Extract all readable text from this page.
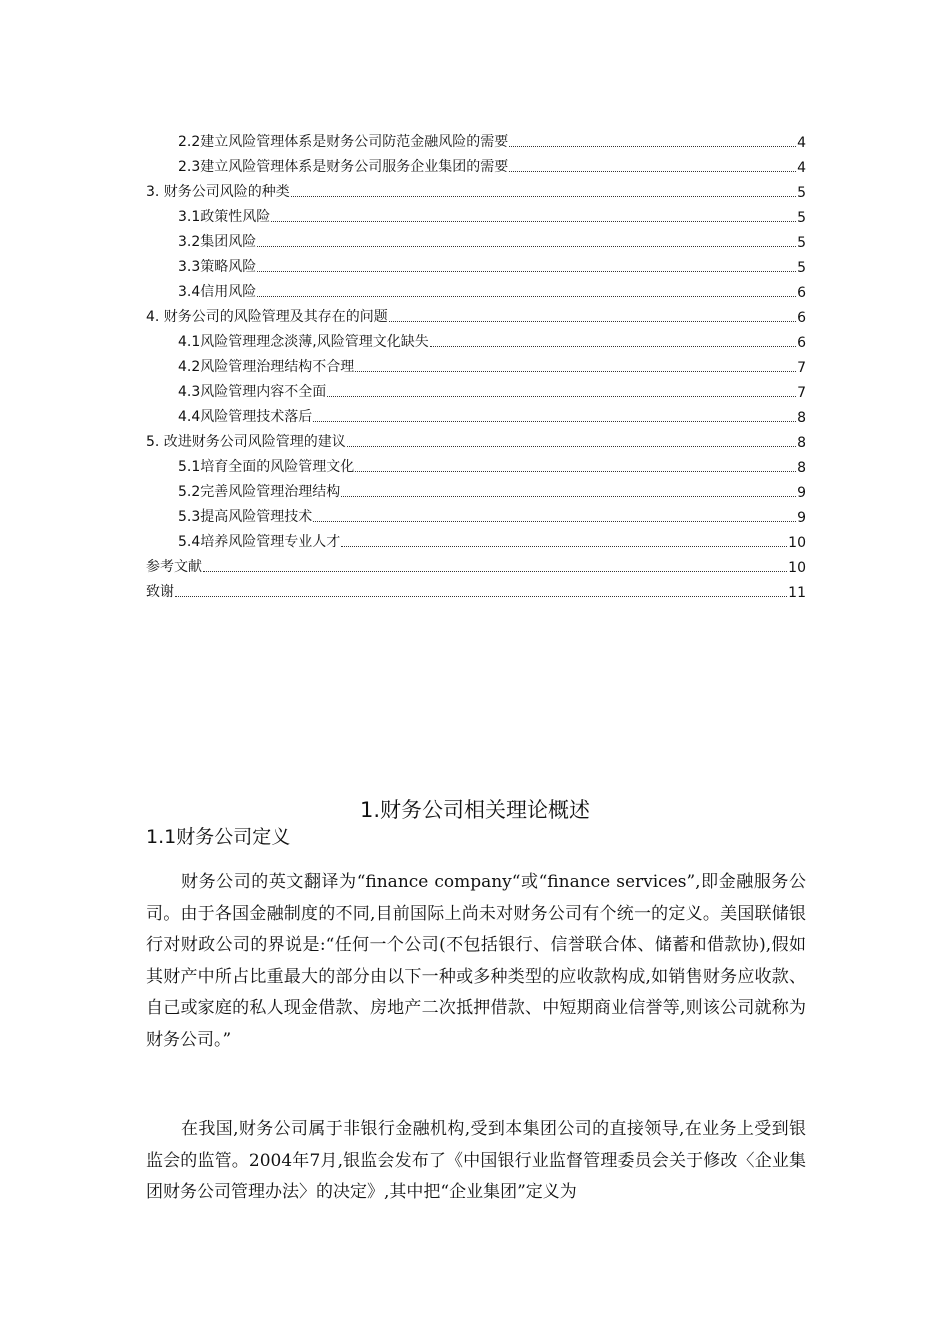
2.2建立风险管理体系是财务公司防范金融风险的需要	4
2.3建立风险管理体系是财务公司服务企业集团的需要	4
3. 财务公司风险的种类	5
3.1政策性风险	5
3.2集团风险	5
3.3策略风险	5
3.4信用风险	6
4. 财务公司的风险管理及其存在的问题	6
4.1风险管理理念淡薄,风险管理文化缺失	6
4.2风险管理治理结构不合理	7
4.3风险管理内容不全面	7
4.4风险管理技术落后	8
5. 改进财务公司风险管理的建议	8
5.1培育全面的风险管理文化	8
5.2完善风险管理治理结构	9
5.3提高风险管理技术	9
5.4培养风险管理专业人才	10
参考文献	10
致谢	11
1.财务公司相关理论概述
1.1财务公司定义

财务公司的英文翻译为“finance company“或“finance services”,即金融服务公司。由于各国金融制度的不同,目前国际上尚未对财务公司有个统一的定义。美国联储银行对财政公司的界说是:“任何一个公司(不包括银行、信誉联合体、储蓄和借款协),假如其财产中所占比重最大的部分由以下一种或多种类型的应收款构成,如销售财务应收款、自己或家庭的私人现金借款、房地产二次抵押借款、中短期商业信誉等,则该公司就称为财务公司。”

在我国,财务公司属于非银行金融机构,受到本集团公司的直接领导,在业务上受到银监会的监管。2004年7月,银监会发布了《中国银行业监督管理委员会关于修改〈企业集团财务公司管理办法〉的决定》,其中把“企业集团”定义为
